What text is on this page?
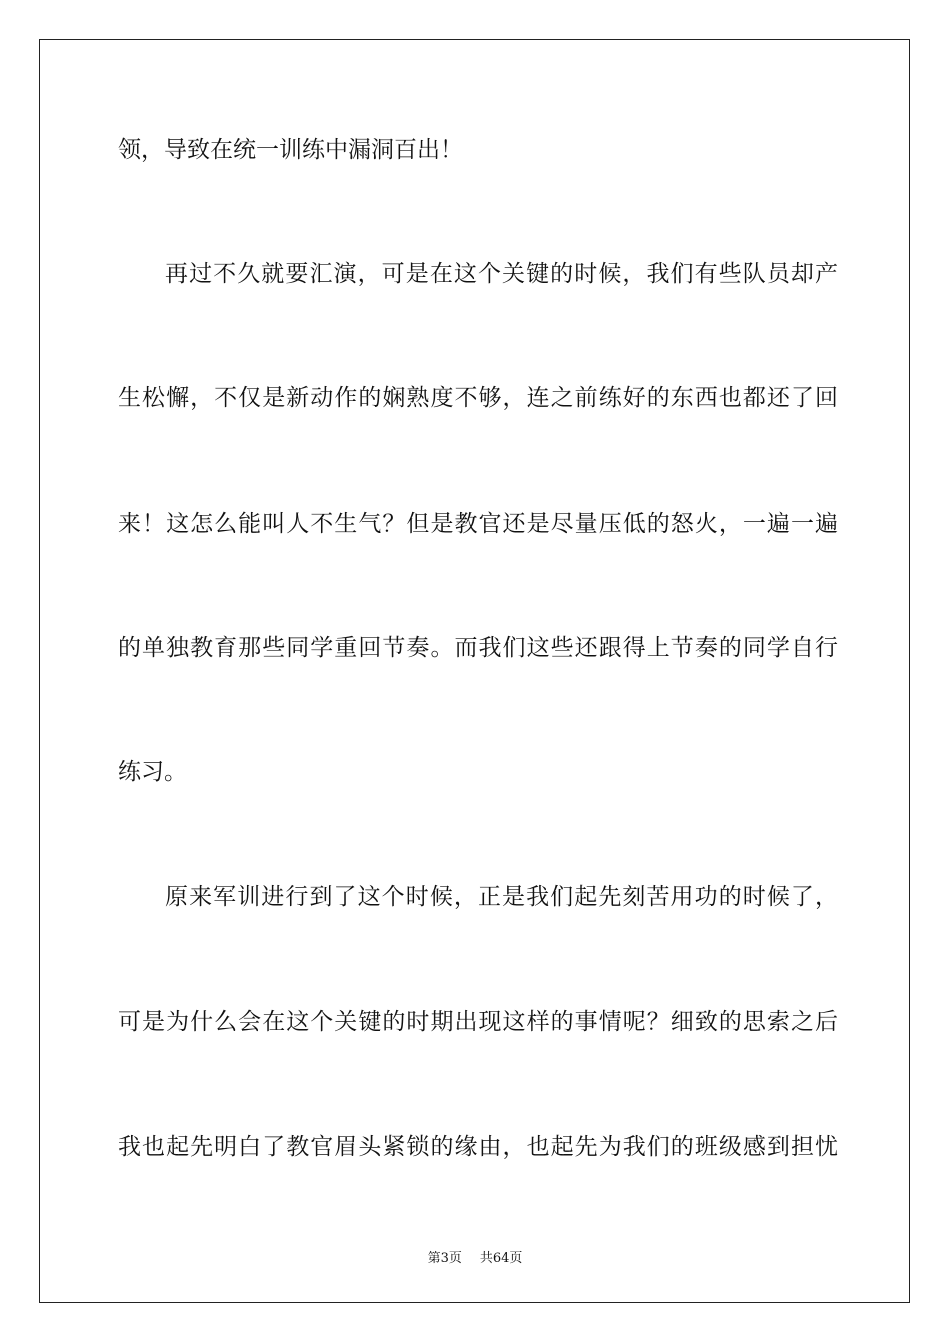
领，导致在统一训练中漏洞百出！
再过不久就要汇演，可是在这个关键的时候，我们有些队员却产
生松懈，不仅是新动作的娴熟度不够，连之前练好的东西也都还了回
来！这怎么能叫人不生气？但是教官还是尽量压低的怒火，一遍一遍
的单独教育那些同学重回节奏。而我们这些还跟得上节奏的同学自行
练习。
原来军训进行到了这个时候，正是我们起先刻苦用功的时候了，
可是为什么会在这个关键的时期出现这样的事情呢？细致的思索之后
我也起先明白了教官眉头紧锁的缘由，也起先为我们的班级感到担忧
第3页 共64页
